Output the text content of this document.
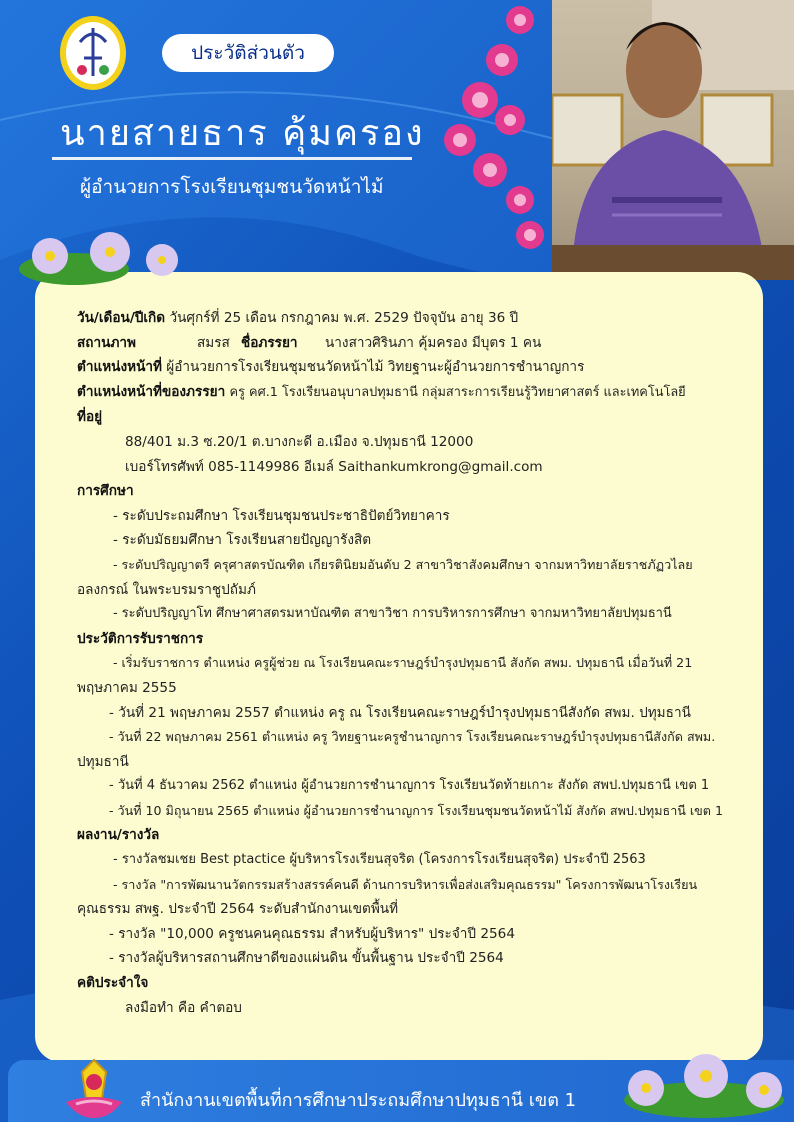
ประวัติส่วนตัว
นายสายธาร คุ้มครอง
ผู้อำนวยการโรงเรียนชุมชนวัดหน้าไม้
วัน/เดือน/ปีเกิด วันศุกร์ที่ 25 เดือน กรกฎาคม พ.ศ. 2529 ปัจจุบัน อายุ 36 ปี
สถานภาพ	สมรส ชื่อภรรยา นางสาวศิรินภา คุ้มครอง มีบุตร 1 คน
ตำแหน่งหน้าที่ ผู้อำนวยการโรงเรียนชุมชนวัดหน้าไม้ วิทยฐานะผู้อำนวยการชำนาญการ
ตำแหน่งหน้าที่ของภรรยา ครู คศ.1 โรงเรียนอนุบาลปทุมธานี กลุ่มสาระการเรียนรู้วิทยาศาสตร์ และเทคโนโลยี
ที่อยู่
88/401 ม.3 ซ.20/1 ต.บางกะดี อ.เมือง จ.ปทุมธานี 12000
เบอร์โทรศัพท์ 085-1149986 อีเมล์ Saithankumkrong@gmail.com
การศึกษา
- ระดับประถมศึกษา โรงเรียนชุมชนประชาธิปัตย์วิทยาคาร
- ระดับมัธยมศึกษา โรงเรียนสายปัญญารังสิต
- ระดับปริญญาตรี ครุศาสตรบัณฑิต เกียรตินิยมอันดับ 2 สาขาวิชาสังคมศึกษา จากมหาวิทยาลัยราชภัฏวไลย
อลงกรณ์ ในพระบรมราชูปถัมภ์
- ระดับปริญญาโท ศึกษาศาสตรมหาบัณฑิต สาขาวิชา การบริหารการศึกษา จากมหาวิทยาลัยปทุมธานี
ประวัติการรับราชการ
- เริ่มรับราชการ ตำแหน่ง ครูผู้ช่วย ณ โรงเรียนคณะราษฎร์บำรุงปทุมธานี สังกัด สพม. ปทุมธานี เมื่อวันที่ 21
พฤษภาคม 2555
- วันที่ 21 พฤษภาคม 2557 ตำแหน่ง ครู ณ โรงเรียนคณะราษฎร์บำรุงปทุมธานีสังกัด สพม. ปทุมธานี
- วันที่ 22 พฤษภาคม 2561 ตำแหน่ง ครู วิทยฐานะครูชำนาญการ โรงเรียนคณะราษฎร์บำรุงปทุมธานีสังกัด สพม.
ปทุมธานี
- วันที่ 4 ธันวาคม 2562 ตำแหน่ง ผู้อำนวยการชำนาญการ โรงเรียนวัดท้ายเกาะ สังกัด สพป.ปทุมธานี เขต 1
- วันที่ 10 มิถุนายน 2565 ตำแหน่ง ผู้อำนวยการชำนาญการ โรงเรียนชุมชนวัดหน้าไม้ สังกัด สพป.ปทุมธานี เขต 1
ผลงาน/รางวัล
- รางวัลชมเชย Best ptactice ผู้บริหารโรงเรียนสุจริต (โครงการโรงเรียนสุจริต) ประจำปี 2563
- รางวัล "การพัฒนานวัตกรรมสร้างสรรค์คนดี ด้านการบริหารเพื่อส่งเสริมคุณธรรม" โครงการพัฒนาโรงเรียน
คุณธรรม สพฐ. ประจำปี 2564 ระดับสำนักงานเขตพื้นที่
- รางวัล "10,000 ครูชนคนคุณธรรม สำหรับผู้บริหาร" ประจำปี 2564
- รางวัลผู้บริหารสถานศึกษาดีของแผ่นดิน ขั้นพื้นฐาน ประจำปี 2564
คติประจำใจ
ลงมือทำ คือ คำตอบ
สำนักงานเขตพื้นที่การศึกษาประถมศึกษาปทุมธานี เขต 1
